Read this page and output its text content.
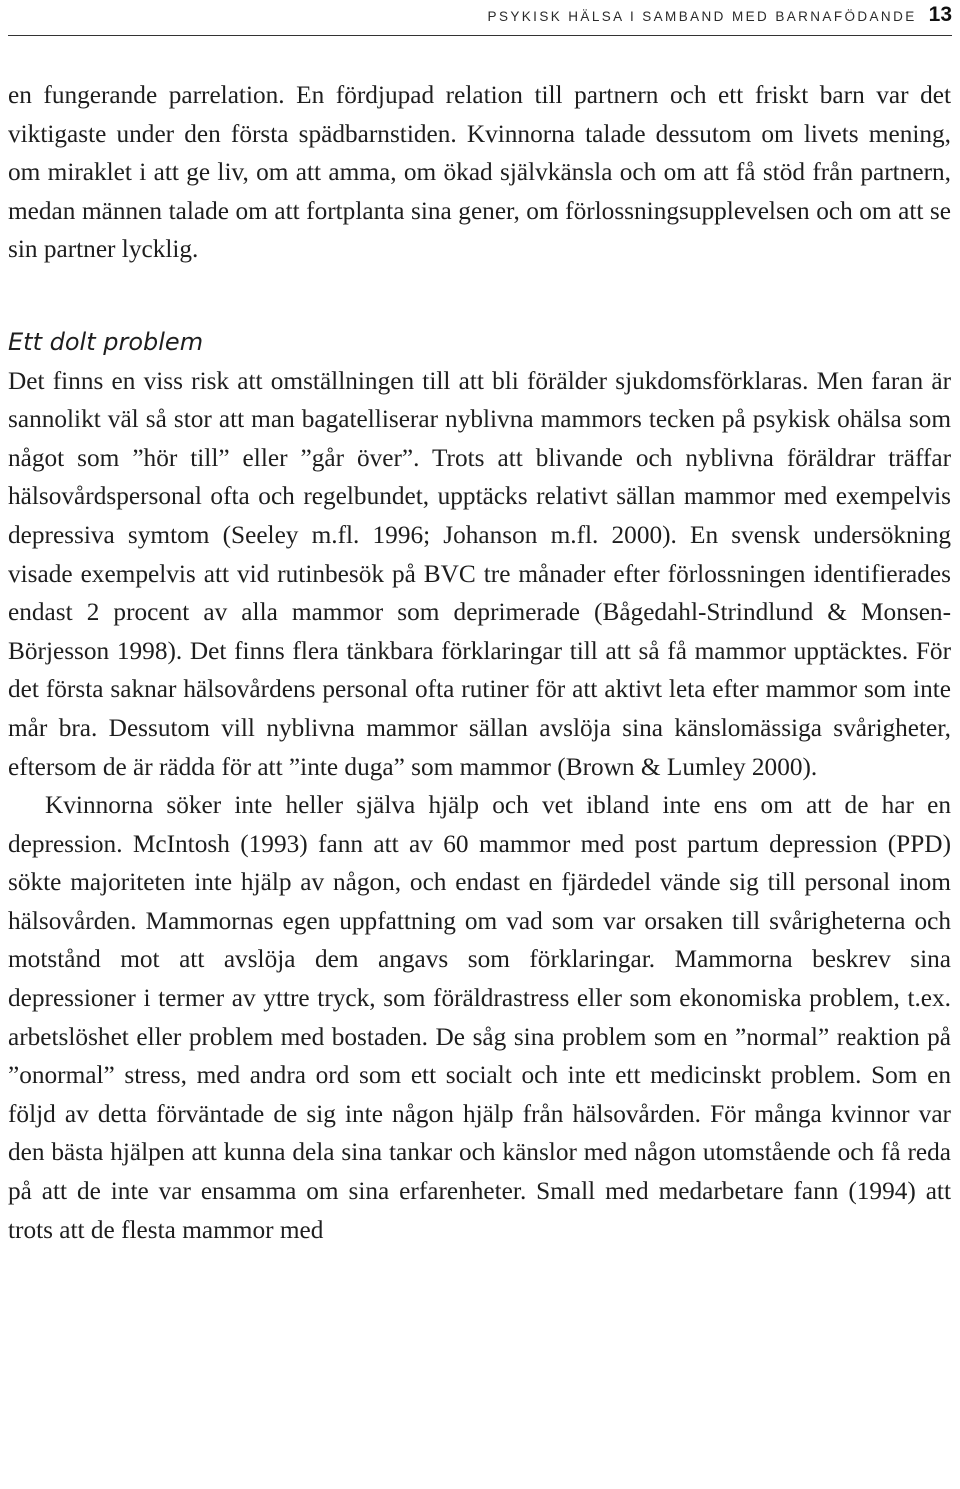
PSYKISK HÄLSA I SAMBAND MED BARNAFÖDANDE 13

en fungerande parrelation. En fördjupad relation till partnern och ett friskt barn var det viktigaste under den första spädbarnstiden. Kvinnorna talade dessutom om livets mening, om miraklet i att ge liv, om att amma, om ökad självkänsla och om att få stöd från partnern, medan männen talade om att fortplanta sina gener, om förlossningsupplevelsen och om att se sin partner lycklig.

Ett dolt problem

Det finns en viss risk att omställningen till att bli förälder sjukdomsförklaras. Men faran är sannolikt väl så stor att man bagatelliserar nyblivna mammors tecken på psykisk ohälsa som något som ”hör till” eller ”går över”. Trots att blivande och nyblivna föräldrar träffar hälsovårdspersonal ofta och regelbundet, upptäcks relativt sällan mammor med exempelvis depressiva symtom (Seeley m.fl. 1996; Johanson m.fl. 2000). En svensk undersökning visade exempelvis att vid rutinbesök på BVC tre månader efter förlossningen identifierades endast 2 procent av alla mammor som deprimerade (Bågedahl-Strindlund & Monsen-Börjesson 1998). Det finns flera tänkbara förklaringar till att så få mammor upptäcktes. För det första saknar hälsovårdens personal ofta rutiner för att aktivt leta efter mammor som inte mår bra. Dessutom vill nyblivna mammor sällan avslöja sina känslomässiga svårigheter, eftersom de är rädda för att ”inte duga” som mammor (Brown & Lumley 2000).

Kvinnorna söker inte heller själva hjälp och vet ibland inte ens om att de har en depression. McIntosh (1993) fann att av 60 mammor med post partum depression (PPD) sökte majoriteten inte hjälp av någon, och endast en fjärdedel vände sig till personal inom hälsovården. Mammornas egen uppfattning om vad som var orsaken till svårigheterna och motstånd mot att avslöja dem angavs som förklaringar. Mammorna beskrev sina depressioner i termer av yttre tryck, som föräldrastress eller som ekonomiska problem, t.ex. arbetslöshet eller problem med bostaden. De såg sina problem som en ”normal” reaktion på ”onormal” stress, med andra ord som ett socialt och inte ett medicinskt problem. Som en följd av detta förväntade de sig inte någon hjälp från hälsovården. För många kvinnor var den bästa hjälpen att kunna dela sina tankar och känslor med någon utomstående och få reda på att de inte var ensamma om sina erfarenheter. Small med medarbetare fann (1994) att trots att de flesta mammor med
